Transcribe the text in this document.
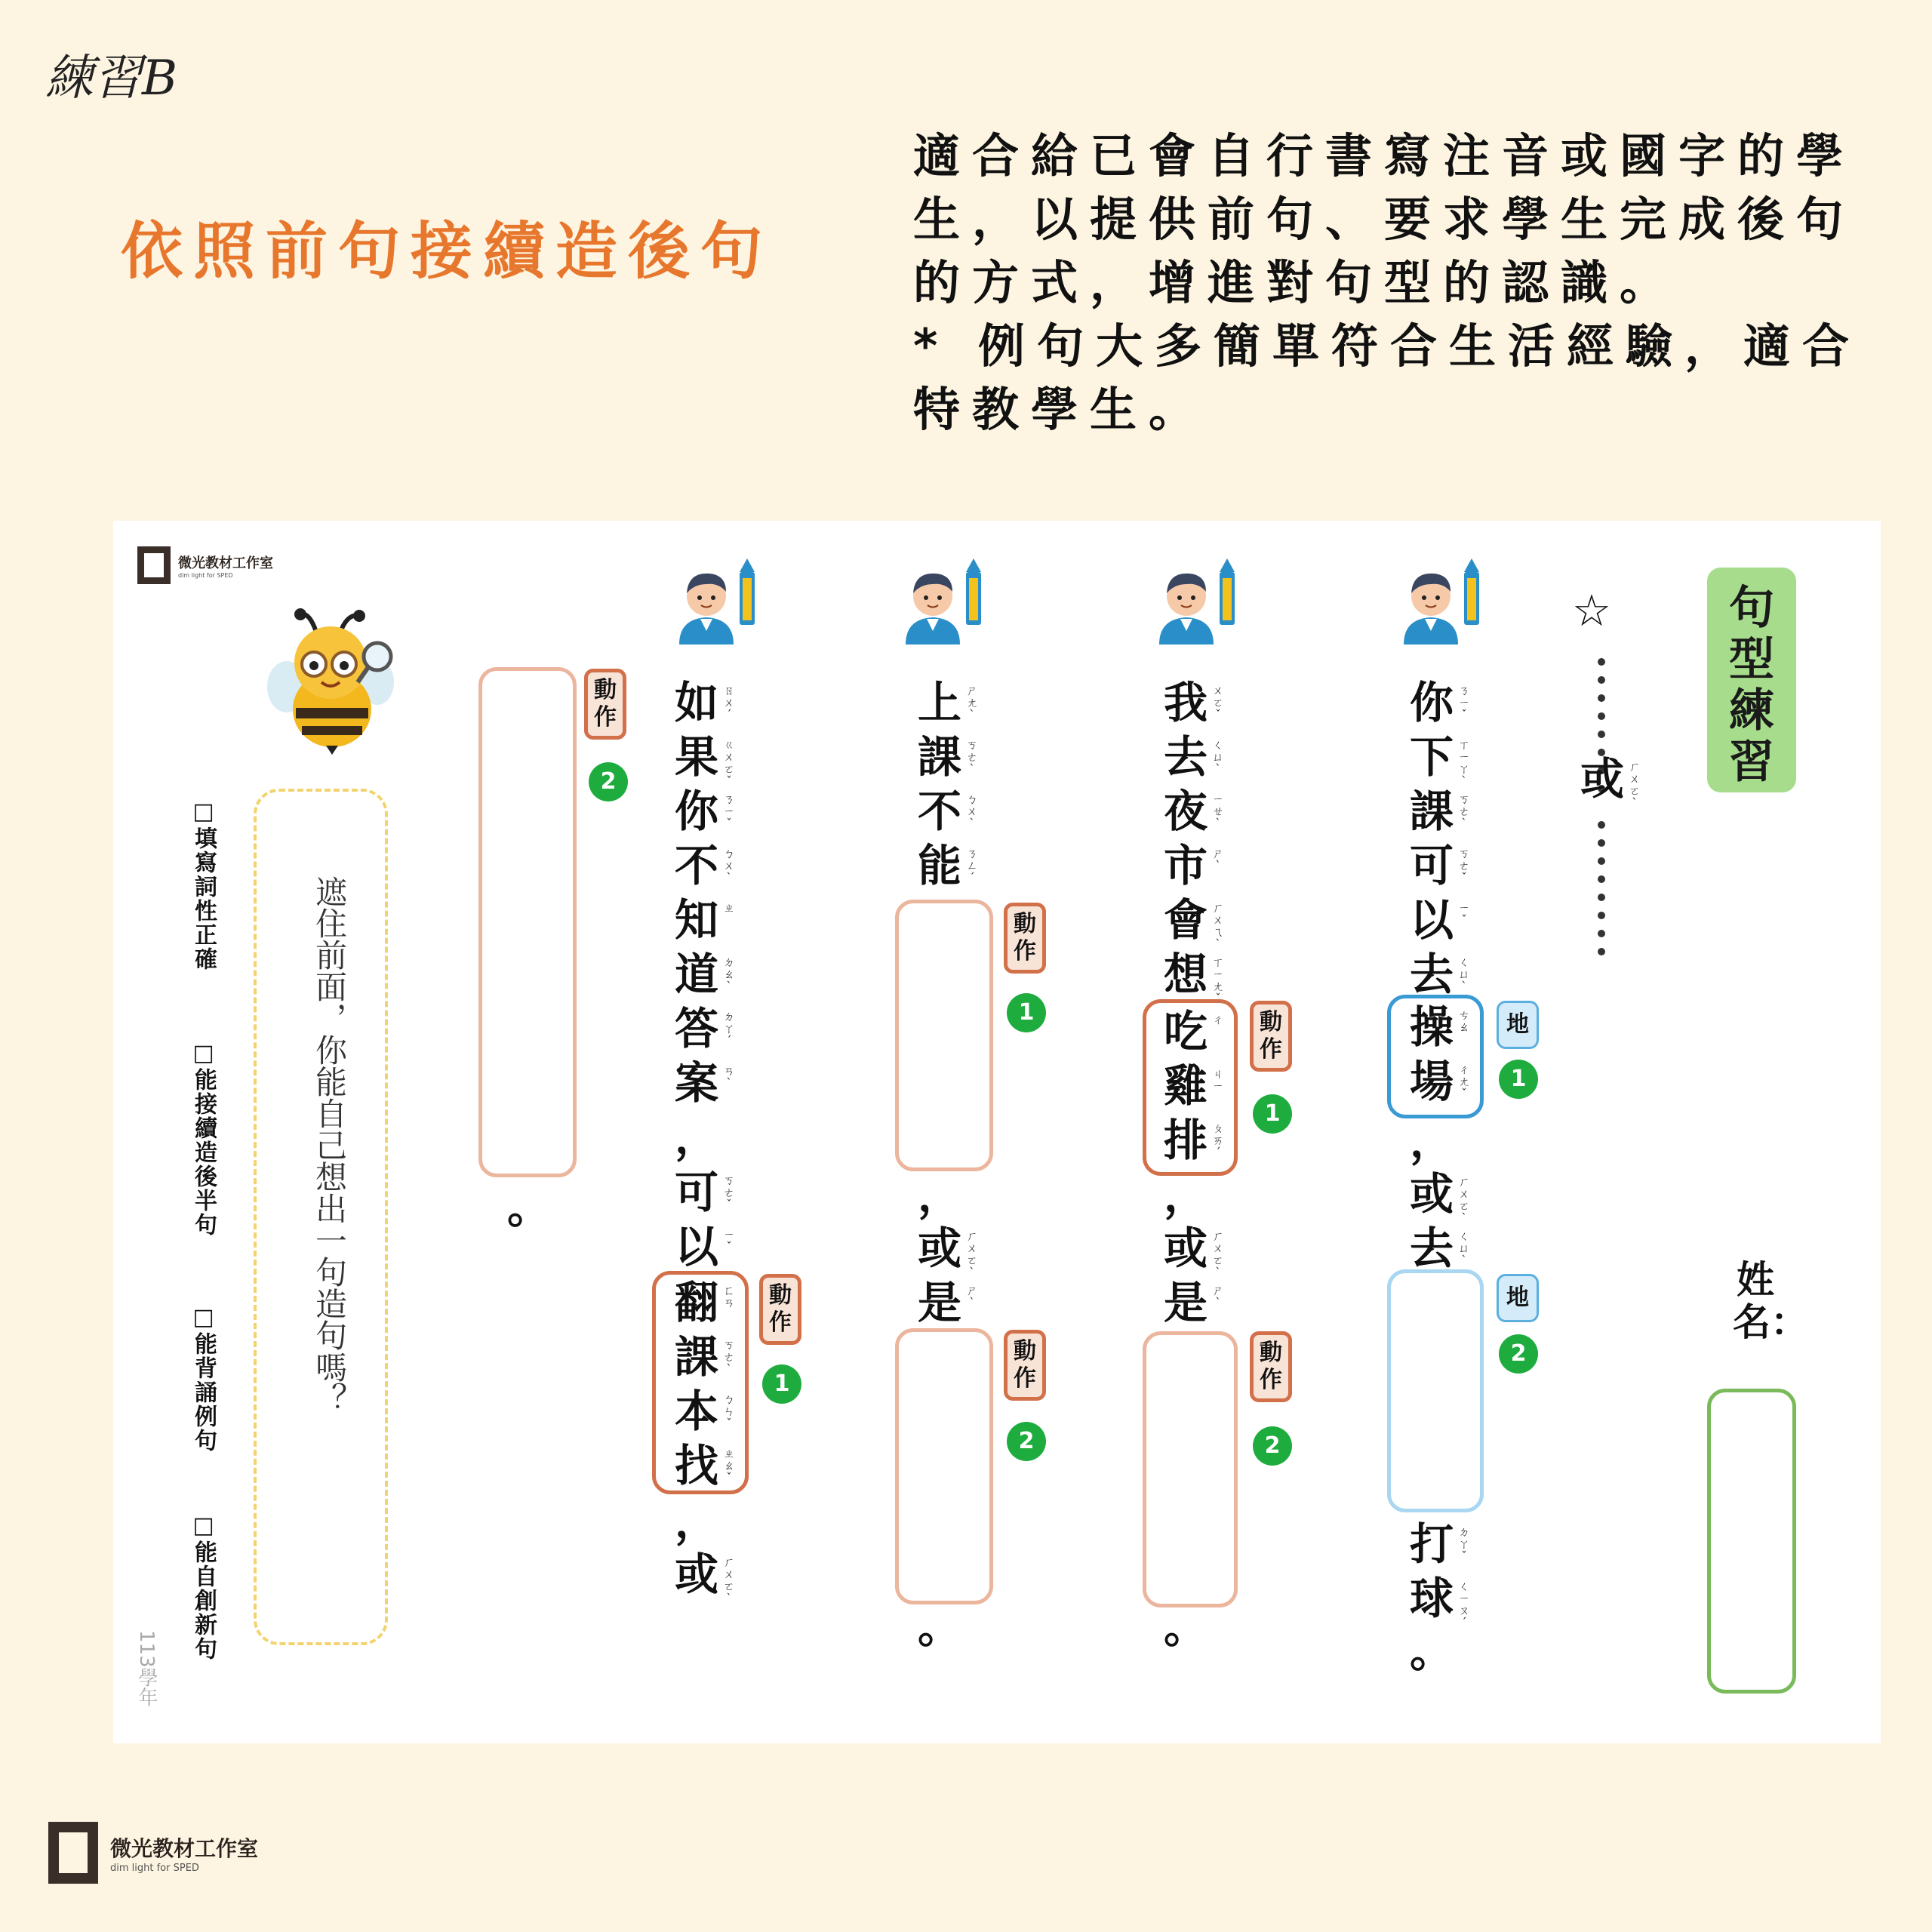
練習B
依照前句接續造後句
適合給已會自行書寫注音或國字的學
生，以提供前句、要求學生完成後句
的方式，增進對句型的認識。
* 例句大多簡單符合生活經驗，適合
特教學生。
微光教材工作室
dim light for SPED
遮住前面，你能自己想出一句造句嗎？
□填寫詞性正確
□能接續造後半句
□能背誦例句
□能自創新句
113學年
你 ㄋ
ㄧ
ˇ
下 ㄒ
ㄧ
ㄚ
ˋ
課 ㄎ
ㄜ
ˋ
可 ㄎ
ㄜ
ˇ
以 ㄧ
ˇ
去 ㄑ
ㄩ
ˋ
操 ㄘ
ㄠ
場 ㄔ
ㄤ
ˇ
地
1
，
或 ㄏ
ㄨ
ㄛ
ˋ
去 ㄑ
ㄩ
ˋ
地
2
打 ㄉ
ㄚ
ˇ
球 ㄑ
ㄧ
ㄡ
ˊ
。
我 ㄨ
ㄛ
ˇ
去 ㄑ
ㄩ
ˋ
夜 ㄧ
ㄝ
ˋ
市 ㄕ
ˋ
會 ㄏ
ㄨ
ㄟ
ˋ
想 ㄒ
ㄧ
ㄤ
ˇ
吃 ㄔ
雞 ㄐ
ㄧ
排 ㄆ
ㄞ
ˊ
動作
1
，
或 ㄏ
ㄨ
ㄛ
ˋ
是 ㄕ
ˋ
動作
2
。
上 ㄕ
ㄤ
ˋ
課 ㄎ
ㄜ
ˋ
不 ㄅ
ㄨ
ˋ
能 ㄋ
ㄥ
ˊ
動作
1
，
或 ㄏ
ㄨ
ㄛ
ˋ
是 ㄕ
ˋ
動作
2
。
如 ㄖ
ㄨ
ˊ
果 ㄍ
ㄨ
ㄛ
ˇ
你 ㄋ
ㄧ
ˇ
不 ㄅ
ㄨ
ˋ
知 ㄓ
道 ㄉ
ㄠ
ˋ
答 ㄉ
ㄚ
ˊ
案 ㄢ
ˋ
，
可 ㄎ
ㄜ
ˇ
以 ㄧ
ˇ
翻 ㄈ
ㄢ
課 ㄎ
ㄜ
ˋ
本 ㄅ
ㄣ
ˇ
找 ㄓ
ㄠ
ˇ
動作
1
，
或 ㄏ
ㄨ
ㄛ
ˋ
動作
2
。
☆
或 ㄏ
ㄨ
ㄛ
ˋ
句型練習
姓名：
微光教材工作室
dim light for SPED
